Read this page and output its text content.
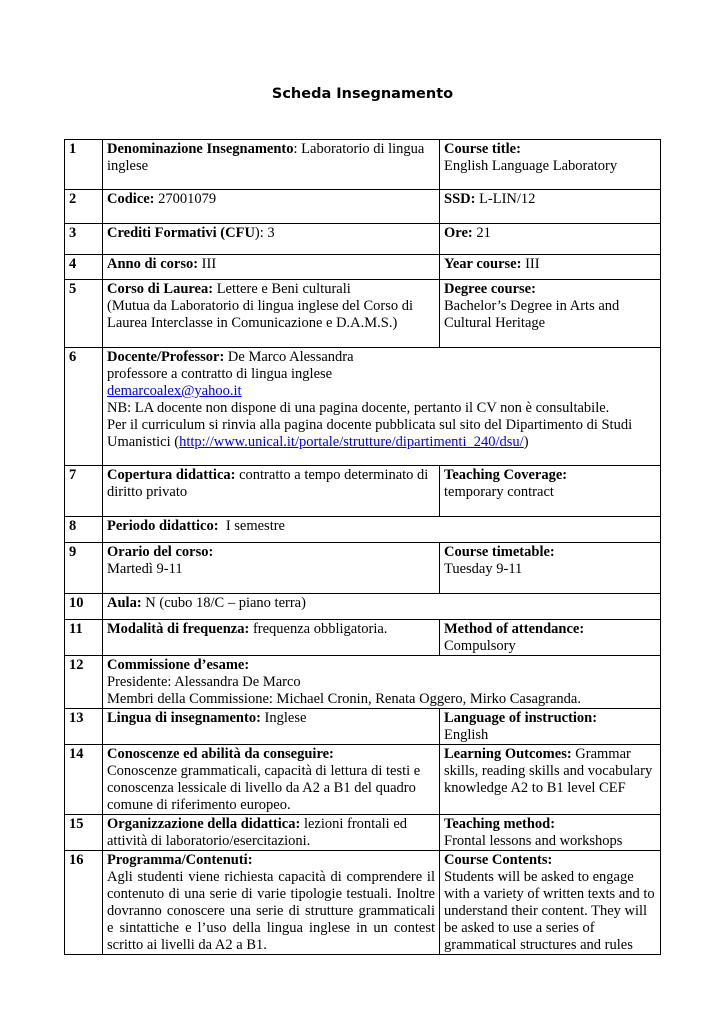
Scheda Insegnamento
1	Denominazione Insegnamento: Laboratorio di lingua inglese	Course title:
English Language Laboratory
2	Codice: 27001079	SSD: L-LIN/12
3	Crediti Formativi (CFU): 3	Ore: 21
4	Anno di corso: III	Year course: III
5	Corso di Laurea: Lettere e Beni culturali
(Mutua da Laboratorio di lingua inglese del Corso di Laurea Interclasse in Comunicazione e D.A.M.S.)	Degree course:
Bachelor’s Degree in Arts and Cultural Heritage
6	Docente/Professor: De Marco Alessandra
professore a contratto di lingua inglese
demarcoalex@yahoo.it
NB: LA docente non dispone di una pagina docente, pertanto il CV non è consultabile.
Per il curriculum si rinvia alla pagina docente pubblicata sul sito del Dipartimento di Studi Umanistici (http://www.unical.it/portale/strutture/dipartimenti_240/dsu/)	
7	Copertura didattica: contratto a tempo determinato di diritto privato	Teaching Coverage:
temporary contract
8	Periodo didattico:  I semestre	
9	Orario del corso:
Martedì 9-11	Course timetable:
Tuesday 9-11
10	Aula: N (cubo 18/C – piano terra)	
11	Modalità di frequenza: frequenza obbligatoria.	Method of attendance:
Compulsory
12	Commissione d’esame:
Presidente: Alessandra De Marco
Membri della Commissione: Michael Cronin, Renata Oggero, Mirko Casagranda.	
13	Lingua di insegnamento: Inglese	Language of instruction:
English
14	Conoscenze ed abilità da conseguire:
Conoscenze grammaticali, capacità di lettura di testi e conoscenza lessicale di livello da A2 a B1 del quadro comune di riferimento europeo.	Learning Outcomes: Grammar skills, reading skills and vocabulary knowledge A2 to B1 level CEF
15	Organizzazione della didattica: lezioni frontali ed attività di laboratorio/esercitazioni.	Teaching method:
Frontal lessons and workshops
16	Programma/Contenuti:
Agli studenti viene richiesta capacità di comprendere il contenuto di una serie di varie tipologie testuali. Inoltre dovranno conoscere una serie di strutture grammaticali e sintattiche e l’uso della lingua inglese in un contest scritto ai livelli da A2 a B1.	Course Contents:
Students will be asked to engage with a variety of written texts and to understand their content. They will be asked to use a series of grammatical structures and rules
